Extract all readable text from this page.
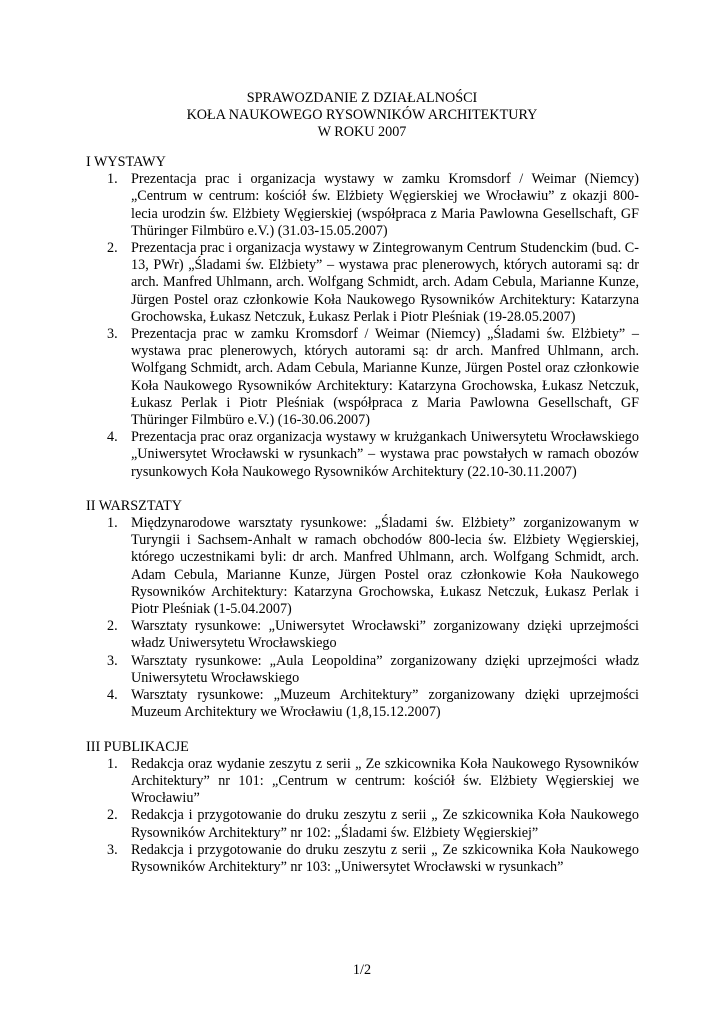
SPRAWOZDANIE Z DZIAŁALNOŚCI
KOŁA NAUKOWEGO RYSOWNIKÓW ARCHITEKTURY
W ROKU 2007
I WYSTAWY
1. Prezentacja prac i organizacja wystawy w zamku Kromsdorf / Weimar (Niemcy) „Centrum w centrum: kościół św. Elżbiety Węgierskiej we Wrocławiu” z okazji 800-lecia urodzin św. Elżbiety Węgierskiej (współpraca z Maria Pawlowna Gesellschaft, GF Thüringer Filmbüro e.V.) (31.03-15.05.2007)
2. Prezentacja prac i organizacja wystawy w Zintegrowanym Centrum Studenckim (bud. C-13, PWr) „Śladami św. Elżbiety” – wystawa prac plenerowych, których autorami są: dr arch. Manfred Uhlmann, arch. Wolfgang Schmidt, arch. Adam Cebula, Marianne Kunze, Jürgen Postel oraz członkowie Koła Naukowego Rysowników Architektury: Katarzyna Grochowska, Łukasz Netczuk, Łukasz Perlak i Piotr Pleśniak (19-28.05.2007)
3. Prezentacja prac w zamku Kromsdorf / Weimar (Niemcy) „Śladami św. Elżbiety” – wystawa prac plenerowych, których autorami są: dr arch. Manfred Uhlmann, arch. Wolfgang Schmidt, arch. Adam Cebula, Marianne Kunze, Jürgen Postel oraz członkowie Koła Naukowego Rysowników Architektury: Katarzyna Grochowska, Łukasz Netczuk, Łukasz Perlak i Piotr Pleśniak (współpraca z Maria Pawlowna Gesellschaft, GF Thüringer Filmbüro e.V.) (16-30.06.2007)
4. Prezentacja prac oraz organizacja wystawy w krużgankach Uniwersytetu Wrocławskiego „Uniwersytet Wrocławski w rysunkach” – wystawa prac powstałych w ramach obozów rysunkowych Koła Naukowego Rysowników Architektury (22.10-30.11.2007)
II WARSZTATY
1. Międzynarodowe warsztaty rysunkowe: „Śladami św. Elżbiety” zorganizowanym w Turyngii i Sachsem-Anhalt w ramach obchodów 800-lecia św. Elżbiety Węgierskiej, którego uczestnikami byli: dr arch. Manfred Uhlmann, arch. Wolfgang Schmidt, arch. Adam Cebula, Marianne Kunze, Jürgen Postel oraz członkowie Koła Naukowego Rysowników Architektury: Katarzyna Grochowska, Łukasz Netczuk, Łukasz Perlak i Piotr Pleśniak (1-5.04.2007)
2. Warsztaty rysunkowe: „Uniwersytet Wrocławski” zorganizowany dzięki uprzejmości władz Uniwersytetu Wrocławskiego
3. Warsztaty rysunkowe: „Aula Leopoldina” zorganizowany dzięki uprzejmości władz Uniwersytetu Wrocławskiego
4. Warsztaty rysunkowe: „Muzeum Architektury” zorganizowany dzięki uprzejmości Muzeum Architektury we Wrocławiu (1,8,15.12.2007)
III PUBLIKACJE
1. Redakcja oraz wydanie zeszytu z serii „ Ze szkicownika Koła Naukowego Rysowników Architektury” nr 101: „Centrum w centrum: kościół św. Elżbiety Węgierskiej we Wrocławiu”
2. Redakcja i przygotowanie do druku zeszytu z serii „ Ze szkicownika Koła Naukowego Rysowników Architektury” nr 102: „Śladami św. Elżbiety Węgierskiej”
3. Redakcja i przygotowanie do druku zeszytu z serii „ Ze szkicownika Koła Naukowego Rysowników Architektury” nr 103: „Uniwersytet Wrocławski w rysunkach”
1/2
